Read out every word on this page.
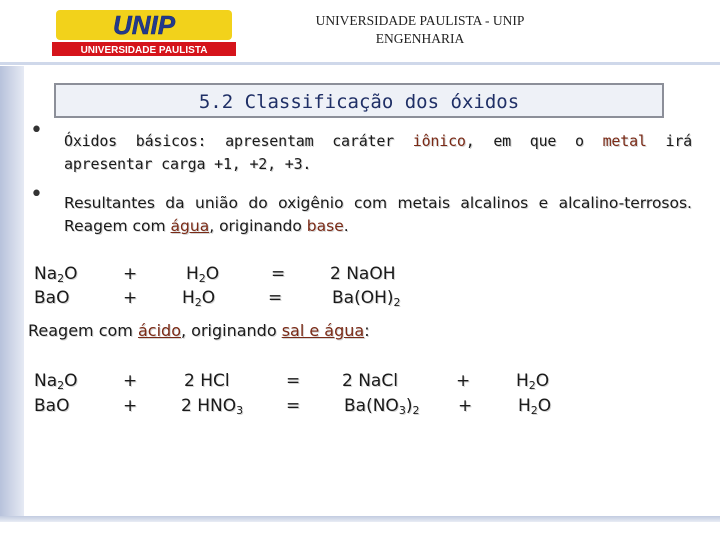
UNIP
UNIVERSIDADE PAULISTA
UNIVERSIDADE PAULISTA - UNIP
ENGENHARIA
5.2 Classificação dos óxidos
• Óxidos básicos: apresentam caráter iônico, em que o metal irá apresentar carga +1, +2, +3.
• Resultantes da união do oxigênio com metais alcalinos e alcalino-terrosos. Reagem com água, originando base.
$Na_2O$	+	$H_2O$	=	2 NaOH
BaO	+	$H_2O$	=	$Ba(OH)_2$
Reagem com ácido, originando sal e água:
$Na_2O$	+	2 HCl	= 2 NaCl	+	$H_2O$
BaO	+	2 $HNO_3$	=	$Ba(NO_3)_2$ +	$H_2O$
